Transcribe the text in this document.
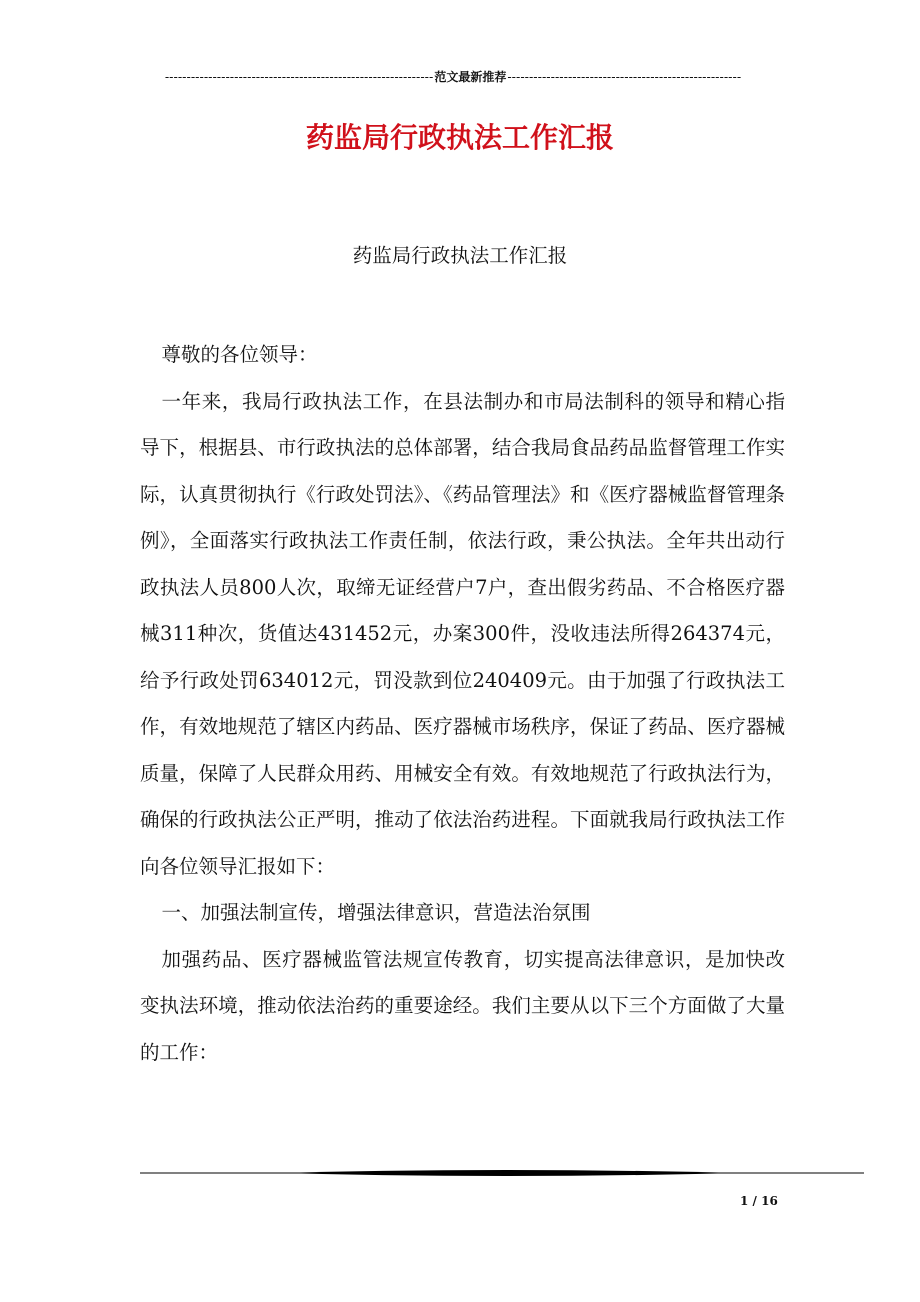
--------------------------------------------------------------范文最新推荐------------------------------------------------------
药监局行政执法工作汇报
药监局行政执法工作汇报

尊敬的各位领导：

一年来，我局行政执法工作，在县法制办和市局法制科的领导和精心指导下，根据县、市行政执法的总体部署，结合我局食品药品监督管理工作实际，认真贯彻执行《行政处罚法》、《药品管理法》和《医疗器械监督管理条例》，全面落实行政执法工作责任制，依法行政，秉公执法。全年共出动行政执法人员800人次，取缔无证经营户7户，查出假劣药品、不合格医疗器械311种次，货值达431452元，办案300件，没收违法所得264374元，给予行政处罚634012元，罚没款到位240409元。由于加强了行政执法工作，有效地规范了辖区内药品、医疗器械市场秩序，保证了药品、医疗器械质量，保障了人民群众用药、用械安全有效。有效地规范了行政执法行为，确保的行政执法公正严明，推动了依法治药进程。下面就我局行政执法工作向各位领导汇报如下：

一、加强法制宣传，增强法律意识，营造法治氛围

加强药品、医疗器械监管法规宣传教育，切实提高法律意识，是加快改变执法环境，推动依法治药的重要途经。我们主要从以下三个方面做了大量的工作：

1 / 16
